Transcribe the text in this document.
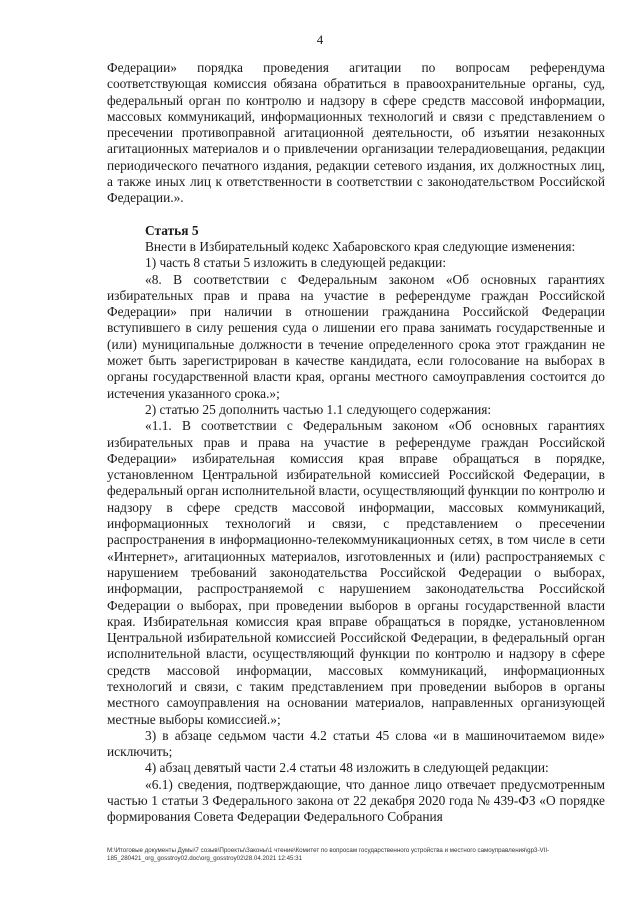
4

Федерации» порядка проведения агитации по вопросам референдума соответствующая комиссия обязана обратиться в правоохранительные органы, суд, федеральный орган по контролю и надзору в сфере средств массовой информации, массовых коммуникаций, информационных технологий и связи с представлением о пресечении противоправной агитационной деятельности, об изъятии незаконных агитационных материалов и о привлечении организации телерадиовещания, редакции периодического печатного издания, редакции сетевого издания, их должностных лиц, а также иных лиц к ответственности в соответствии с законодательством Российской Федерации.».

Статья 5

Внести в Избирательный кодекс Хабаровского края следующие изменения:

1) часть 8 статьи 5 изложить в следующей редакции:

«8. В соответствии с Федеральным законом «Об основных гарантиях избирательных прав и права на участие в референдуме граждан Российской Федерации» при наличии в отношении гражданина Российской Федерации вступившего в силу решения суда о лишении его права занимать государственные и (или) муниципальные должности в течение определенного срока этот гражданин не может быть зарегистрирован в качестве кандидата, если голосование на выборах в органы государственной власти края, органы местного самоуправления состоится до истечения указанного срока.»;

2) статью 25 дополнить частью 1.1 следующего содержания:

«1.1. В соответствии с Федеральным законом «Об основных гарантиях избирательных прав и права на участие в референдуме граждан Российской Федерации» избирательная комиссия края вправе обращаться в порядке, установленном Центральной избирательной комиссией Российской Федерации, в федеральный орган исполнительной власти, осуществляющий функции по контролю и надзору в сфере средств массовой информации, массовых коммуникаций, информационных технологий и связи, с представлением о пресечении распространения в информационно-телекоммуникационных сетях, в том числе в сети «Интернет», агитационных материалов, изготовленных и (или) распространяемых с нарушением требований законодательства Российской Федерации о выборах, информации, распространяемой с нарушением законодательства Российской Федерации о выборах, при проведении выборов в органы государственной власти края. Избирательная комиссия края вправе обращаться в порядке, установленном Центральной избирательной комиссией Российской Федерации, в федеральный орган исполнительной власти, осуществляющий функции по контролю и надзору в сфере средств массовой информации, массовых коммуникаций, информационных технологий и связи, с таким представлением при проведении выборов в органы местного самоуправления на основании материалов, направленных организующей местные выборы комиссией.»;

3) в абзаце седьмом части 4.2 статьи 45 слова «и в машиночитаемом виде» исключить;

4) абзац девятый части 2.4 статьи 48 изложить в следующей редакции:

«6.1) сведения, подтверждающие, что данное лицо отвечает предусмотренным частью 1 статьи 3 Федерального закона от 22 декабря 2020 года № 439-ФЗ «О порядке формирования Совета Федерации Федерального Собрания

M:\Итоговые документы Думы\7 созыв\Проекты\Законы\1 чтение\Комитет по вопросам государственного устройства и местного самоуправления\gp3-VII-
185_280421_org_gosstroy02.doc\org_gosstroy02\28.04.2021 12:45:31
